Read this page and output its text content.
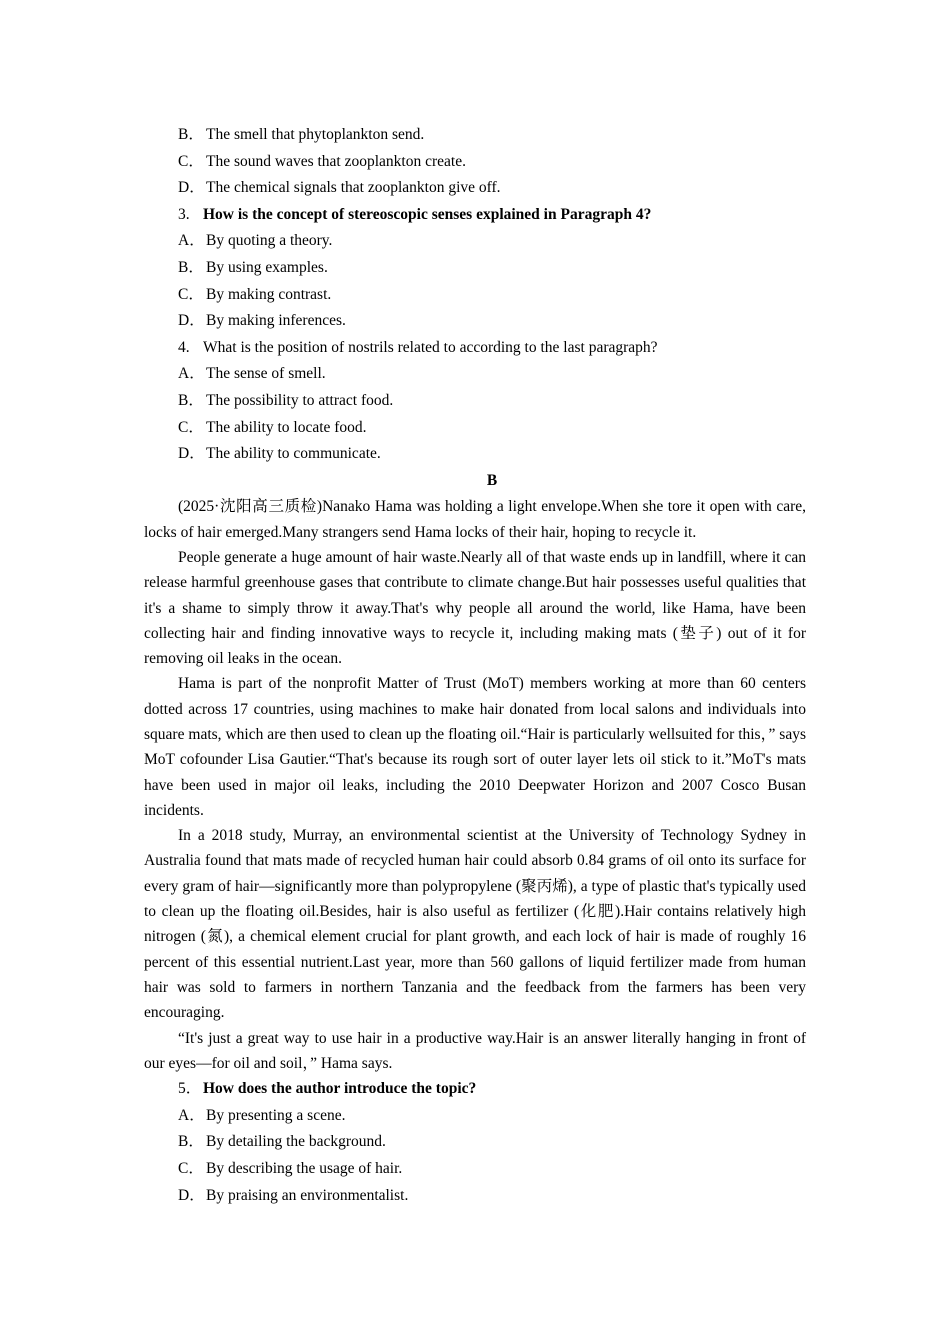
B． The smell that phytoplankton send.
C． The sound waves that zooplankton create.
D．The chemical signals that zooplankton give off.
3. How is the concept of stereoscopic senses explained in Paragraph 4?
A．By quoting a theory.
B． By using examples.
C． By making contrast.
D．By making inferences.
4. What is the position of nostrils related to according to the last paragraph?
A．The sense of smell.
B． The possibility to attract food.
C． The ability to locate food.
D．The ability to communicate.
B

(2025·沈阳高三质检)Nanako Hama was holding a light envelope.When she tore it open with care, locks of hair emerged.Many strangers send Hama locks of their hair, hoping to recycle it.

People generate a huge amount of hair waste.Nearly all of that waste ends up in landfill, where it can release harmful greenhouse gases that contribute to climate change.But hair possesses useful qualities that it's a shame to simply throw it away.That's why people all around the world, like Hama, have been collecting hair and finding innovative ways to recycle it, including making mats (垫子) out of it for removing oil leaks in the ocean.

Hama is part of the nonprofit Matter of Trust (MoT) members working at more than 60 centers dotted across 17 countries, using machines to make hair donated from local salons and individuals into square mats, which are then used to clean up the floating oil.“Hair is particularly wellsuited for this，” says MoT cofounder Lisa Gautier.“That's because its rough sort of outer layer lets oil stick to it.”MoT's mats have been used in major oil leaks, including the 2010 Deepwater Horizon and 2007 Cosco Busan incidents.

In a 2018 study, Murray, an environmental scientist at the University of Technology Sydney in Australia found that mats made of recycled human hair could absorb 0.84 grams of oil onto its surface for every gram of hair—significantly more than polypropylene (聚丙烯), a type of plastic that's typically used to clean up the floating oil.Besides, hair is also useful as fertilizer (化肥).Hair contains relatively high nitrogen (氮), a chemical element crucial for plant growth, and each lock of hair is made of roughly 16 percent of this essential nutrient.Last year, more than 560 gallons of liquid fertilizer made from human hair was sold to farmers in northern Tanzania and the feedback from the farmers has been very encouraging.

“It's just a great way to use hair in a productive way.Hair is an answer literally hanging in front of our eyes—for oil and soil，” Hama says.

5． How does the author introduce the topic?
A．By presenting a scene.
B． By detailing the background.
C． By describing the usage of hair.
D．By praising an environmentalist.
